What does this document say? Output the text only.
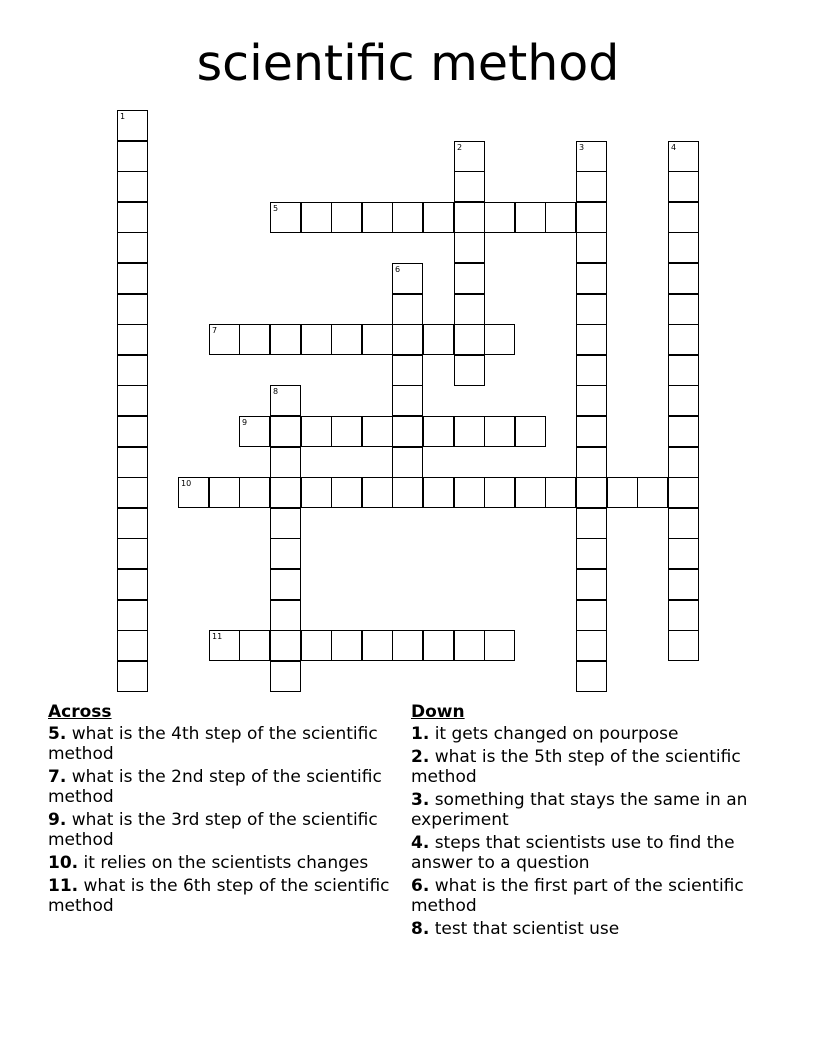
scientific method
1
2	3	4
5
6
7
8
9
10
11
Across
5. what is the 4th step of the scientific method
7. what is the 2nd step of the scientific method
9. what is the 3rd step of the scientific method
10. it relies on the scientists changes
11. what is the 6th step of the scientific method
Down
1. it gets changed on pourpose
2. what is the 5th step of the scientific method
3. something that stays the same in an experiment
4. steps that scientists use to find the answer to a question
6. what is the first part of the scientific method
8. test that scientist use
